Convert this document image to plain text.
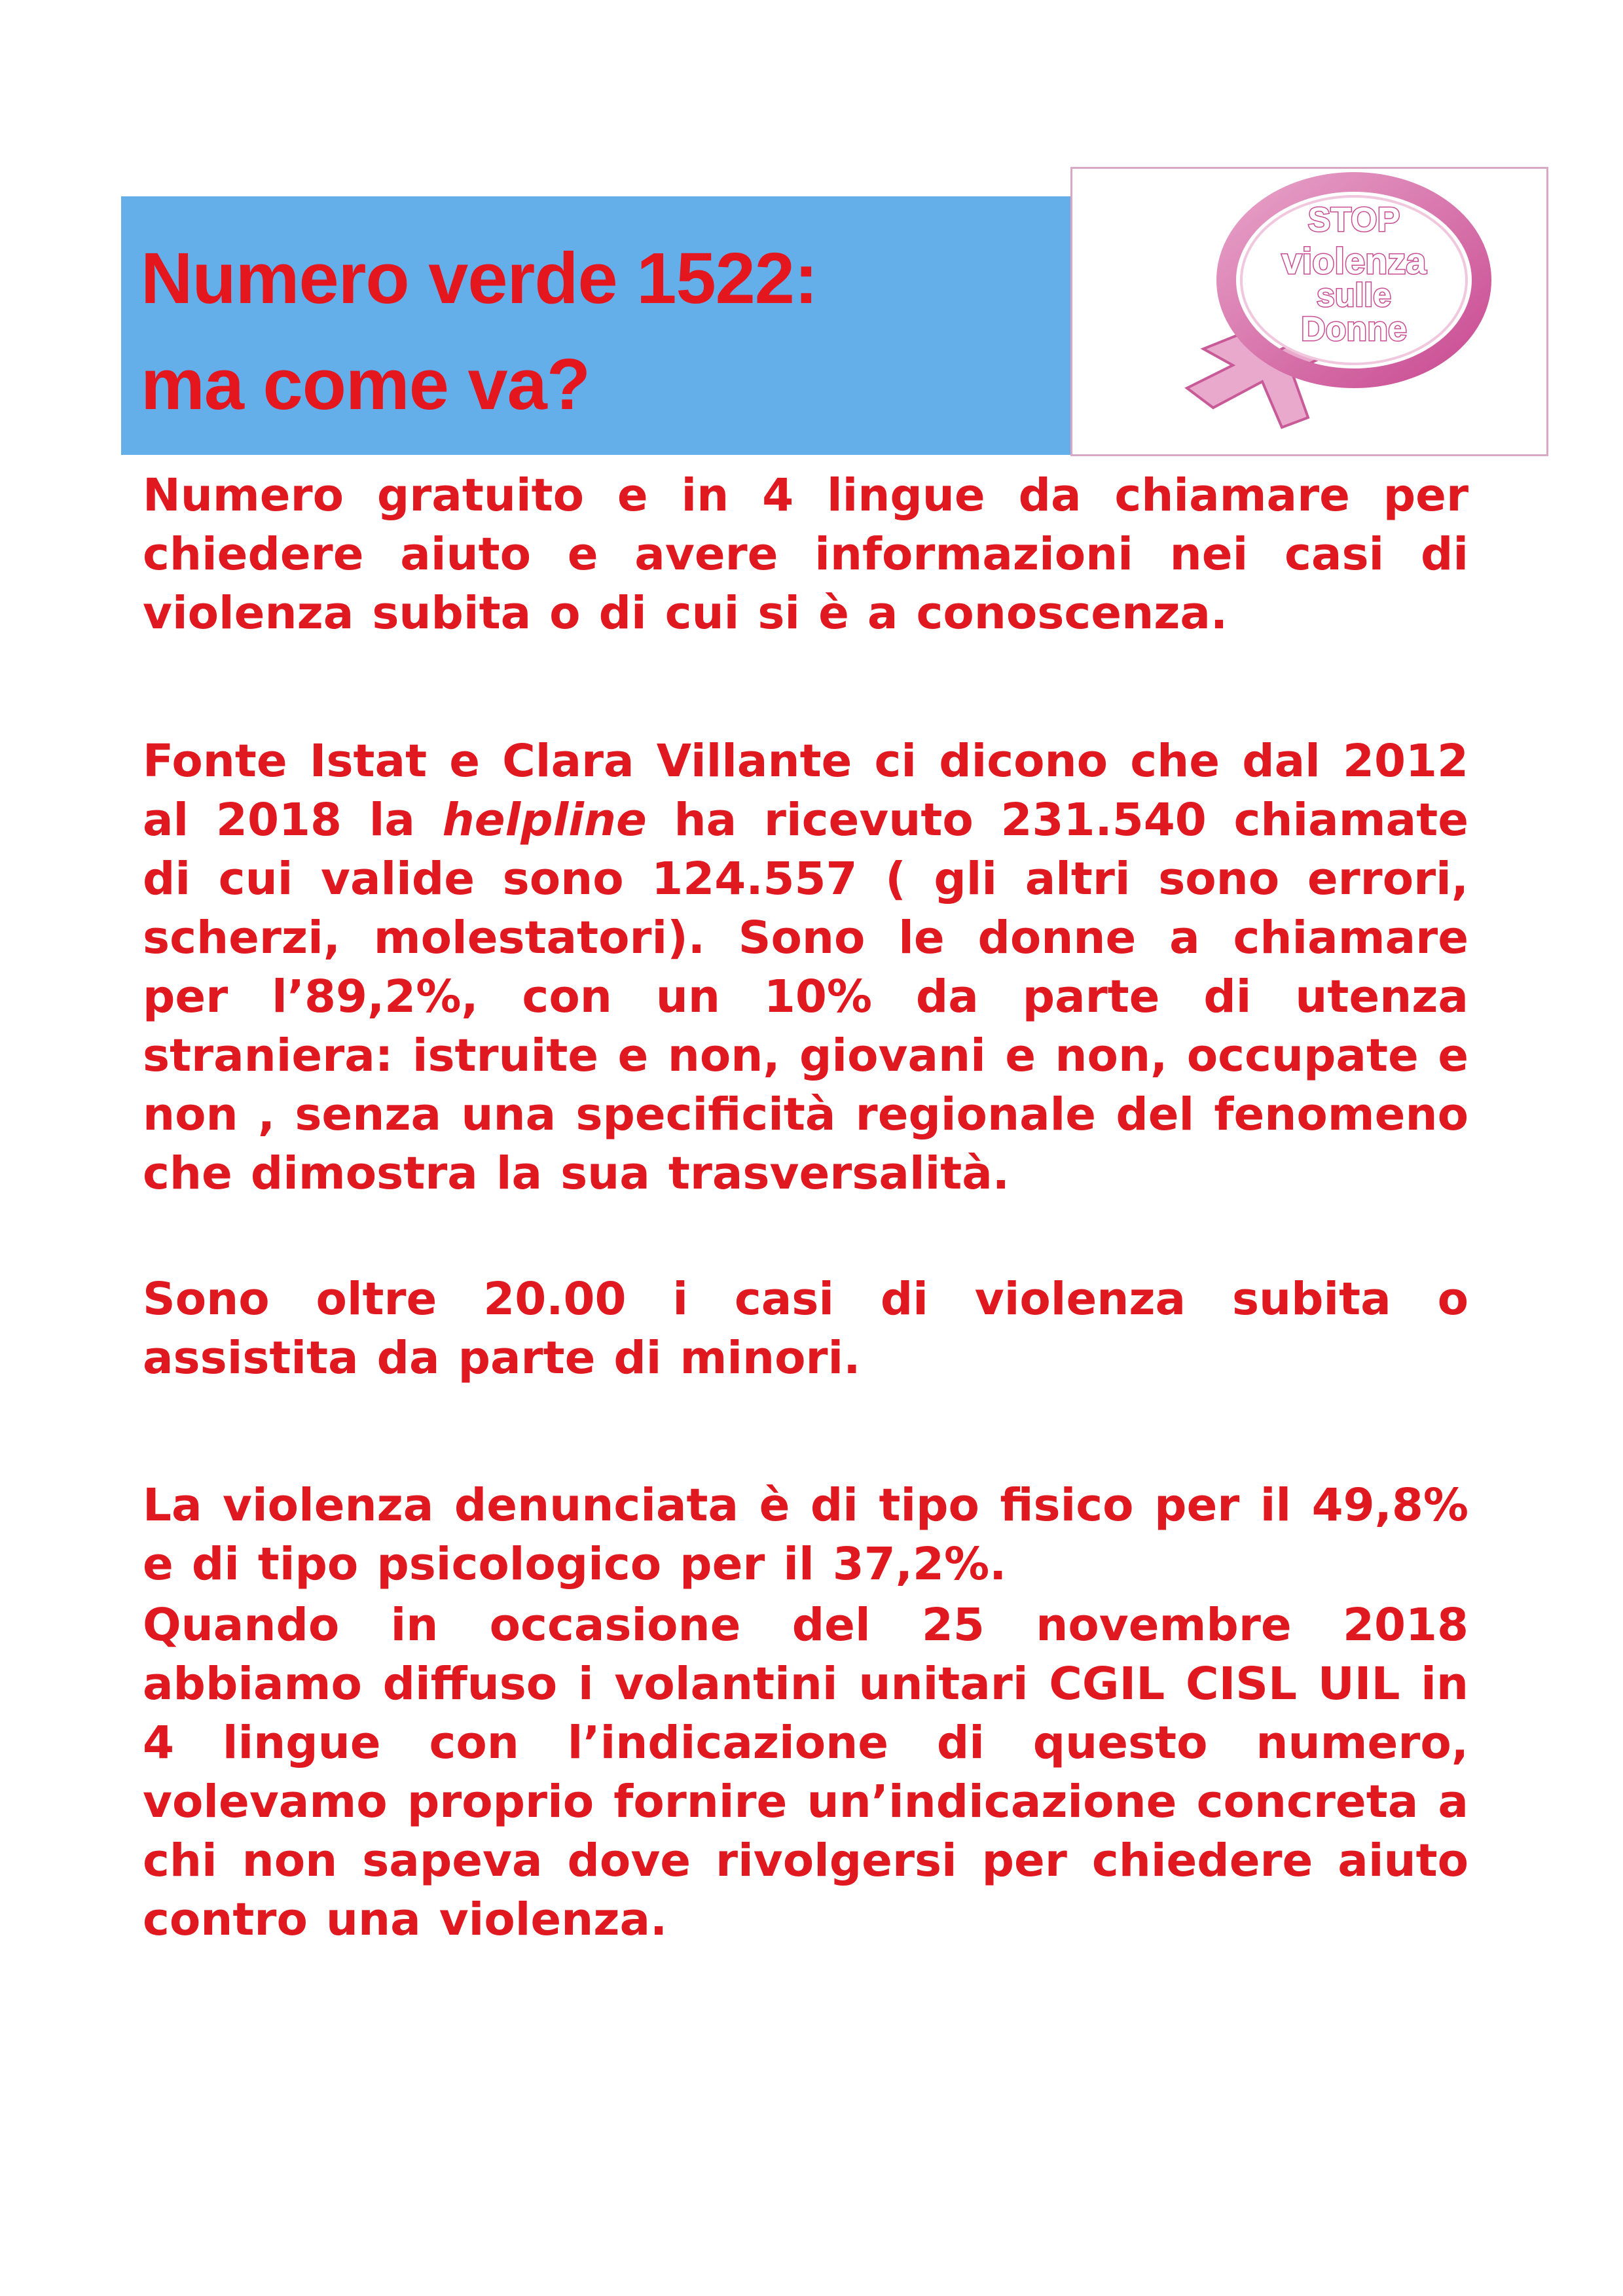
Numero verde 1522:
ma come va?
STOP
violenza
sulle
Donne

Numero gratuito e in 4 lingue da chiamare per chiedere aiuto e avere informazioni nei casi di violenza subita o di cui si è a conoscenza.

Fonte Istat e Clara Villante ci dicono che dal 2012 al 2018 la helpline ha ricevuto 231.540 chiamate di cui valide sono 124.557 ( gli altri sono errori, scherzi, molestatori). Sono le donne a chiamare per l’89,2%, con un 10% da parte di utenza straniera: istruite e non, giovani e non, occupate e non , senza una specificità regionale del fenomeno che dimostra la sua trasversalità.

Sono oltre 20.00 i casi di violenza subita o assistita da parte di minori.

La violenza denunciata è di tipo fisico per il 49,8% e di tipo psicologico per il 37,2%.

Quando in occasione del 25 novembre 2018 abbiamo diffuso i volantini unitari CGIL CISL UIL in 4 lingue con l’indicazione di questo numero, volevamo proprio fornire un’indicazione concreta a chi non sapeva dove rivolgersi per chiedere aiuto contro una violenza.
